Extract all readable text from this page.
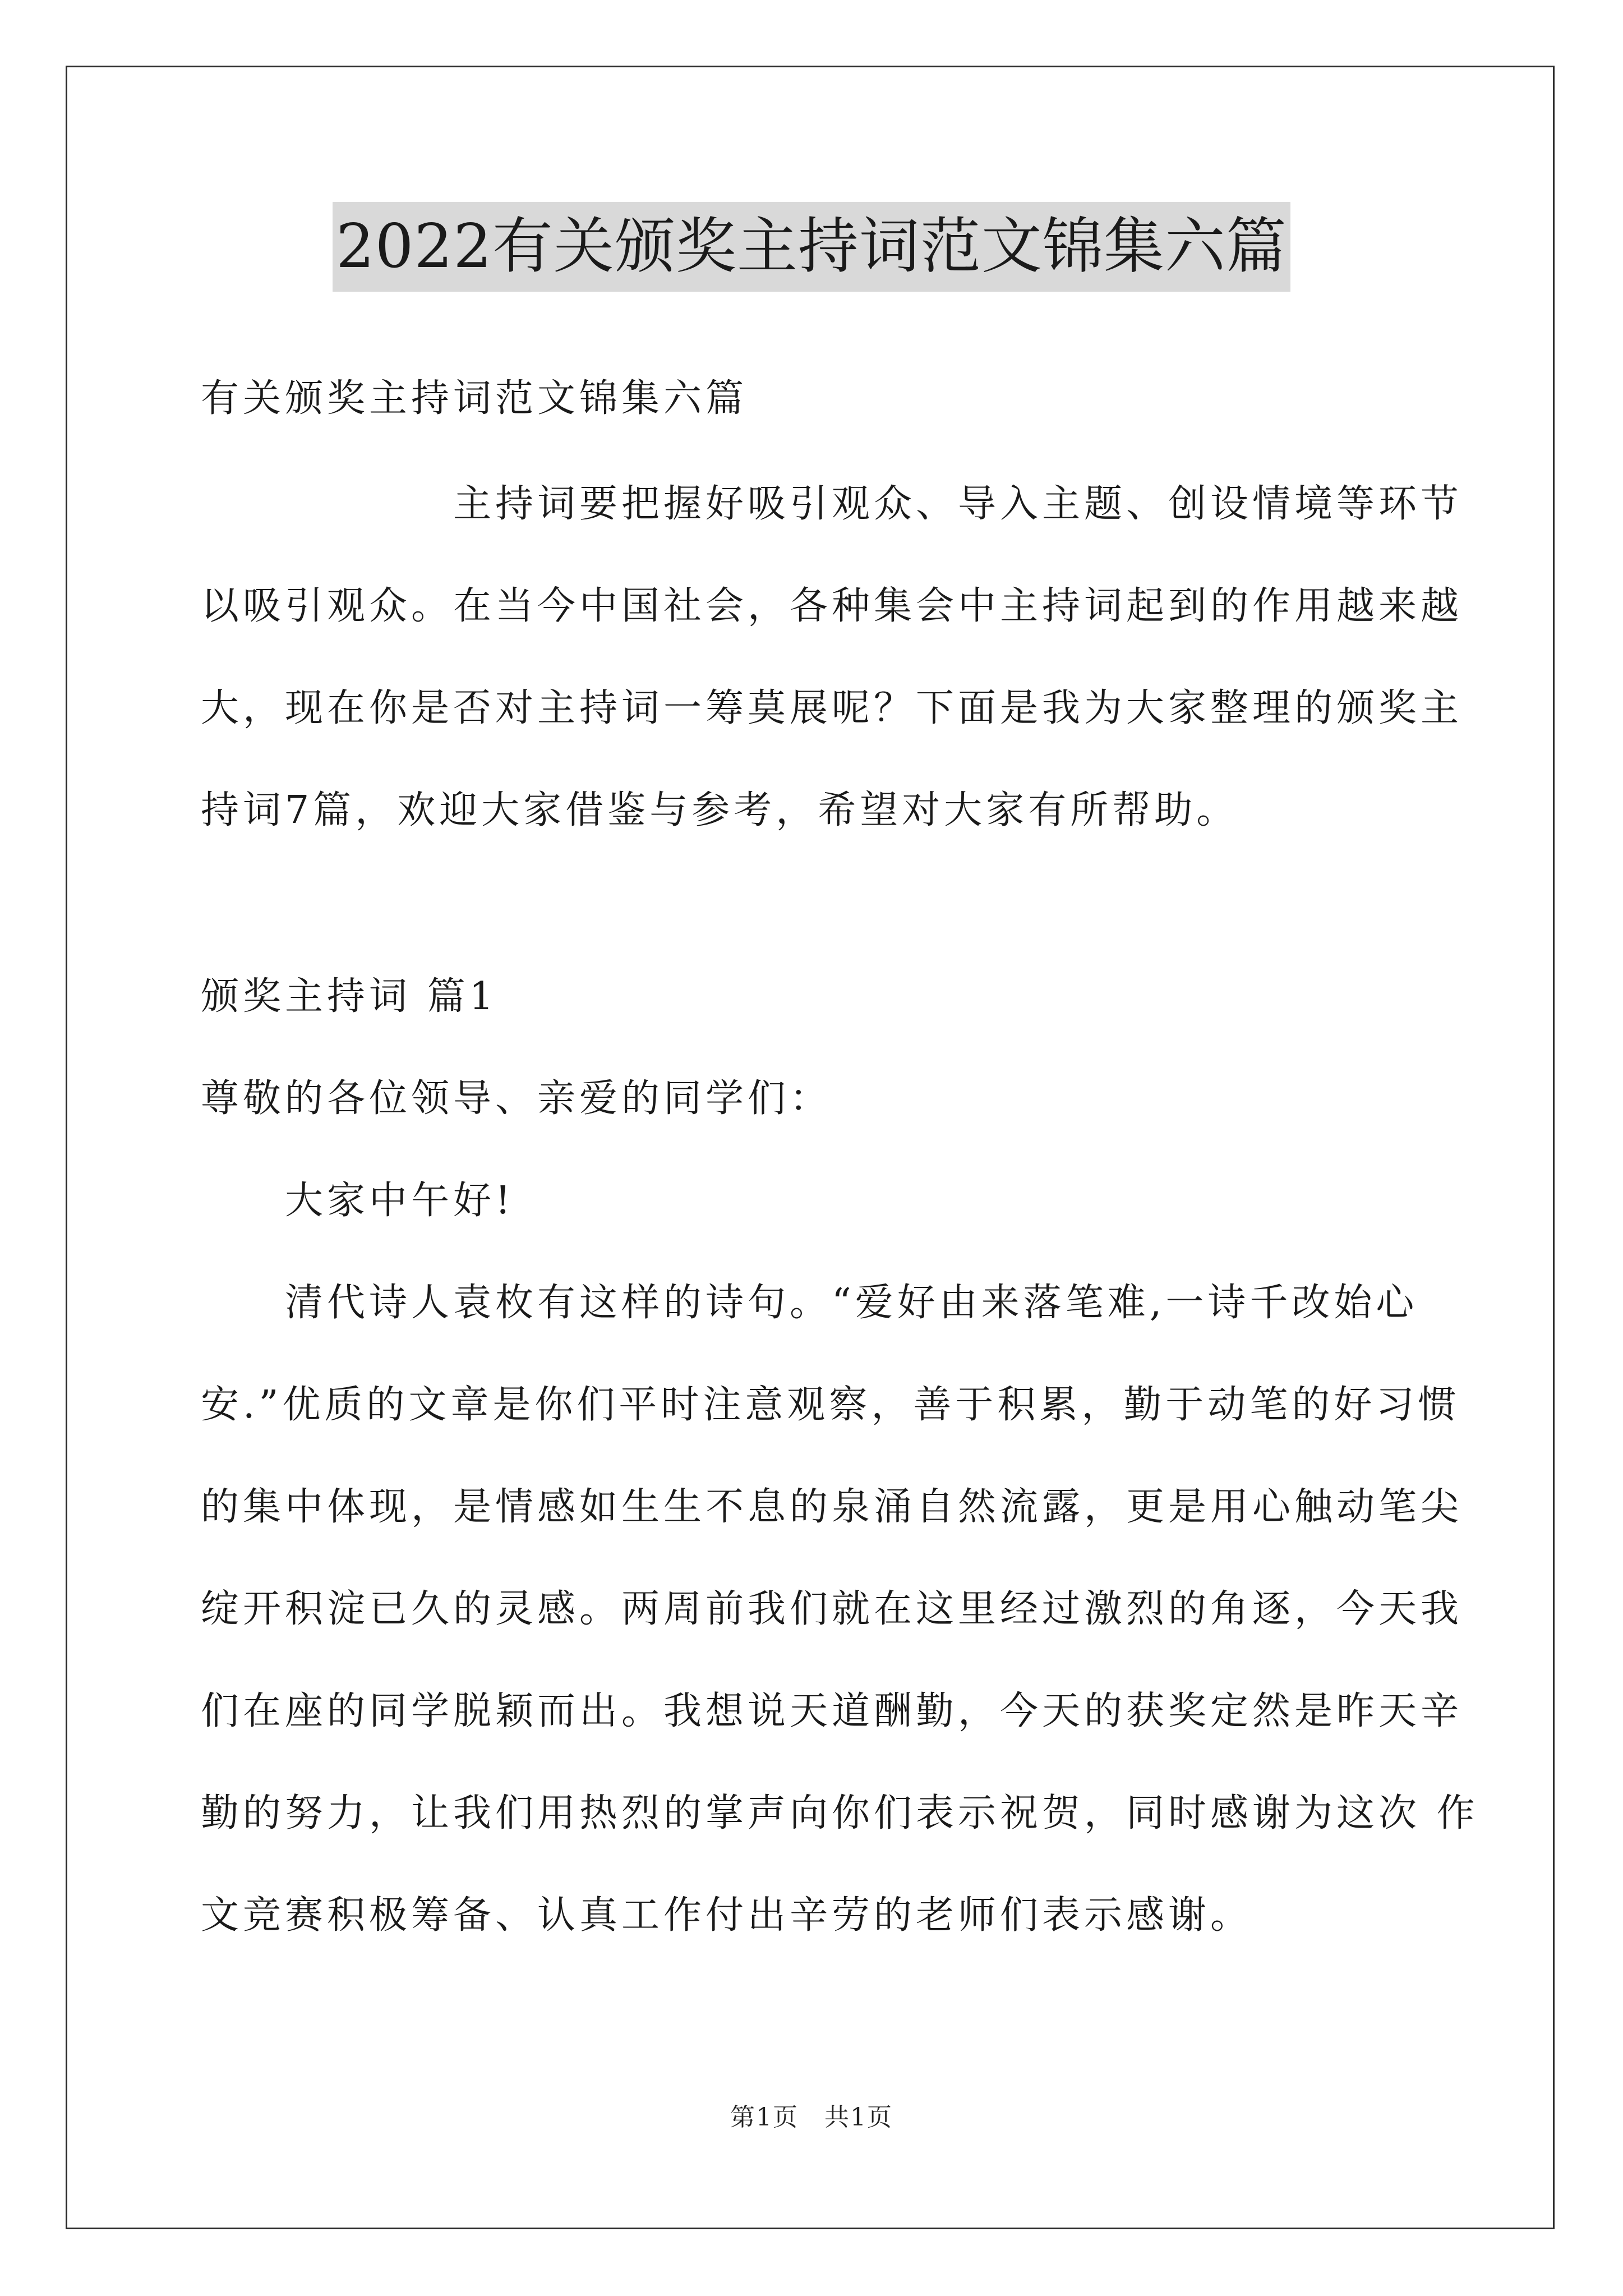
2022有关颁奖主持词范文锦集六篇

有关颁奖主持词范文锦集六篇

　　　　　　主持词要把握好吸引观众、导入主题、创设情境等环节

以吸引观众。在当今中国社会，各种集会中主持词起到的作用越来越

大，现在你是否对主持词一筹莫展呢？下面是我为大家整理的颁奖主

持词7篇，欢迎大家借鉴与参考，希望对大家有所帮助。

颁奖主持词 篇1

尊敬的各位领导、亲爱的同学们：

　　大家中午好!

　　清代诗人袁枚有这样的诗句。“爱好由来落笔难,一诗千改始心

安.”优质的文章是你们平时注意观察，善于积累，勤于动笔的好习惯

的集中体现，是情感如生生不息的泉涌自然流露，更是用心触动笔尖

绽开积淀已久的灵感。两周前我们就在这里经过激烈的角逐，今天我

们在座的同学脱颖而出。我想说天道酬勤，今天的获奖定然是昨天辛

勤的努力，让我们用热烈的掌声向你们表示祝贺，同时感谢为这次 作

文竞赛积极筹备、认真工作付出辛劳的老师们表示感谢。

第1页　共1页
